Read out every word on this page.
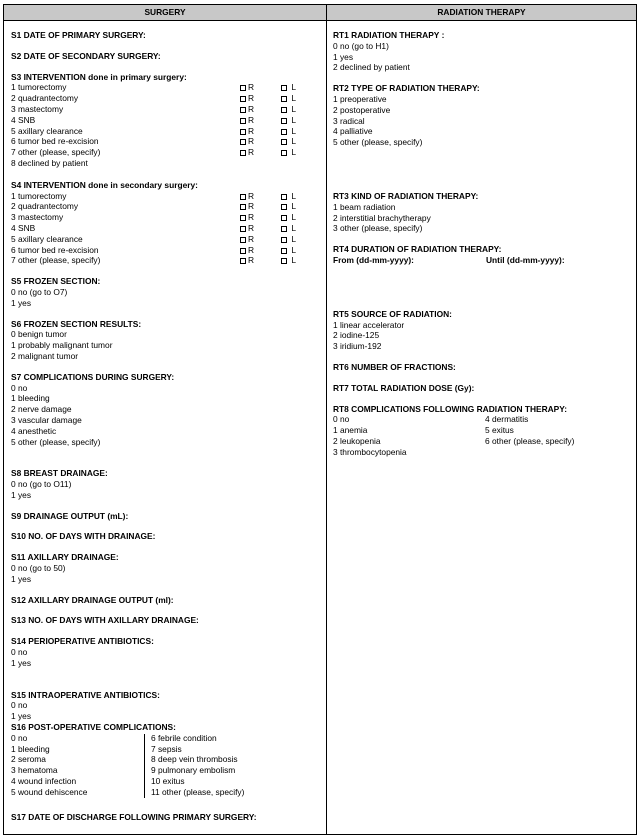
SURGERY	RADIATION THERAPY
S1 DATE OF PRIMARY SURGERY:
S2 DATE OF SECONDARY SURGERY:
S3 INTERVENTION done in primary surgery:
1 tumorectomy	R	L
2 quadrantectomy	R	L
3 mastectomy	R	L
4 SNB	R	L
5 axillary clearance	R	L
6 tumor bed re-excision	R	L
7 other (please, specify)	R	L
8 declined by patient
S4 INTERVENTION done in secondary surgery:
1 tumorectomy	R	L
2 quadrantectomy	R	L
3 mastectomy	R	L
4 SNB	R	L
5 axillary clearance	R	L
6 tumor bed re-excision	R	L
7 other (please, specify)	R	L
S5 FROZEN SECTION:
0 no (go to O7)
1 yes
S6 FROZEN SECTION RESULTS:
0 benign tumor
1 probably malignant tumor
2 malignant tumor
S7 COMPLICATIONS DURING SURGERY:
0 no
1 bleeding
2 nerve damage
3 vascular damage
4 anesthetic
5 other (please, specify)
S8 BREAST DRAINAGE:
0 no (go to O11)
1 yes
S9 DRAINAGE OUTPUT (mL):
S10 NO. OF DAYS WITH DRAINAGE:
S11 AXILLARY DRAINAGE:
0 no (go to 50)
1 yes
S12 AXILLARY DRAINAGE OUTPUT (ml):
S13 NO. OF DAYS WITH AXILLARY DRAINAGE:
S14 PERIOPERATIVE ANTIBIOTICS:
0 no
1 yes
S15 INTRAOPERATIVE ANTIBIOTICS:
0 no
1 yes
S16 POST-OPERATIVE COMPLICATIONS:
0 no
1 bleeding
2 seroma
3 hematoma
4 wound infection
5 wound dehiscence
6 febrile condition
7 sepsis
8 deep vein thrombosis
9 pulmonary embolism
10 exitus
11 other (please, specify)
S17 DATE OF DISCHARGE FOLLOWING PRIMARY SURGERY:
RT1 RADIATION THERAPY :
0 no (go to H1)
1 yes
2 declined by patient
RT2 TYPE OF RADIATION THERAPY:
1 preoperative
2 postoperative
3 radical
4 palliative
5 other (please, specify)
RT3 KIND OF RADIATION THERAPY:
1 beam radiation
2 interstitial brachytherapy
3 other (please, specify)
RT4 DURATION OF RADIATION THERAPY:
From (dd-mm-yyyy):	Until (dd-mm-yyyy):
RT5 SOURCE OF RADIATION:
1 linear accelerator
2 iodine-125
3 iridium-192
RT6 NUMBER OF FRACTIONS:
RT7 TOTAL RADIATION DOSE (Gy):
RT8 COMPLICATIONS FOLLOWING RADIATION THERAPY:
0 no	4 dermatitis
1 anemia	5 exitus
2 leukopenia	6 other (please, specify)
3 thrombocytopenia
